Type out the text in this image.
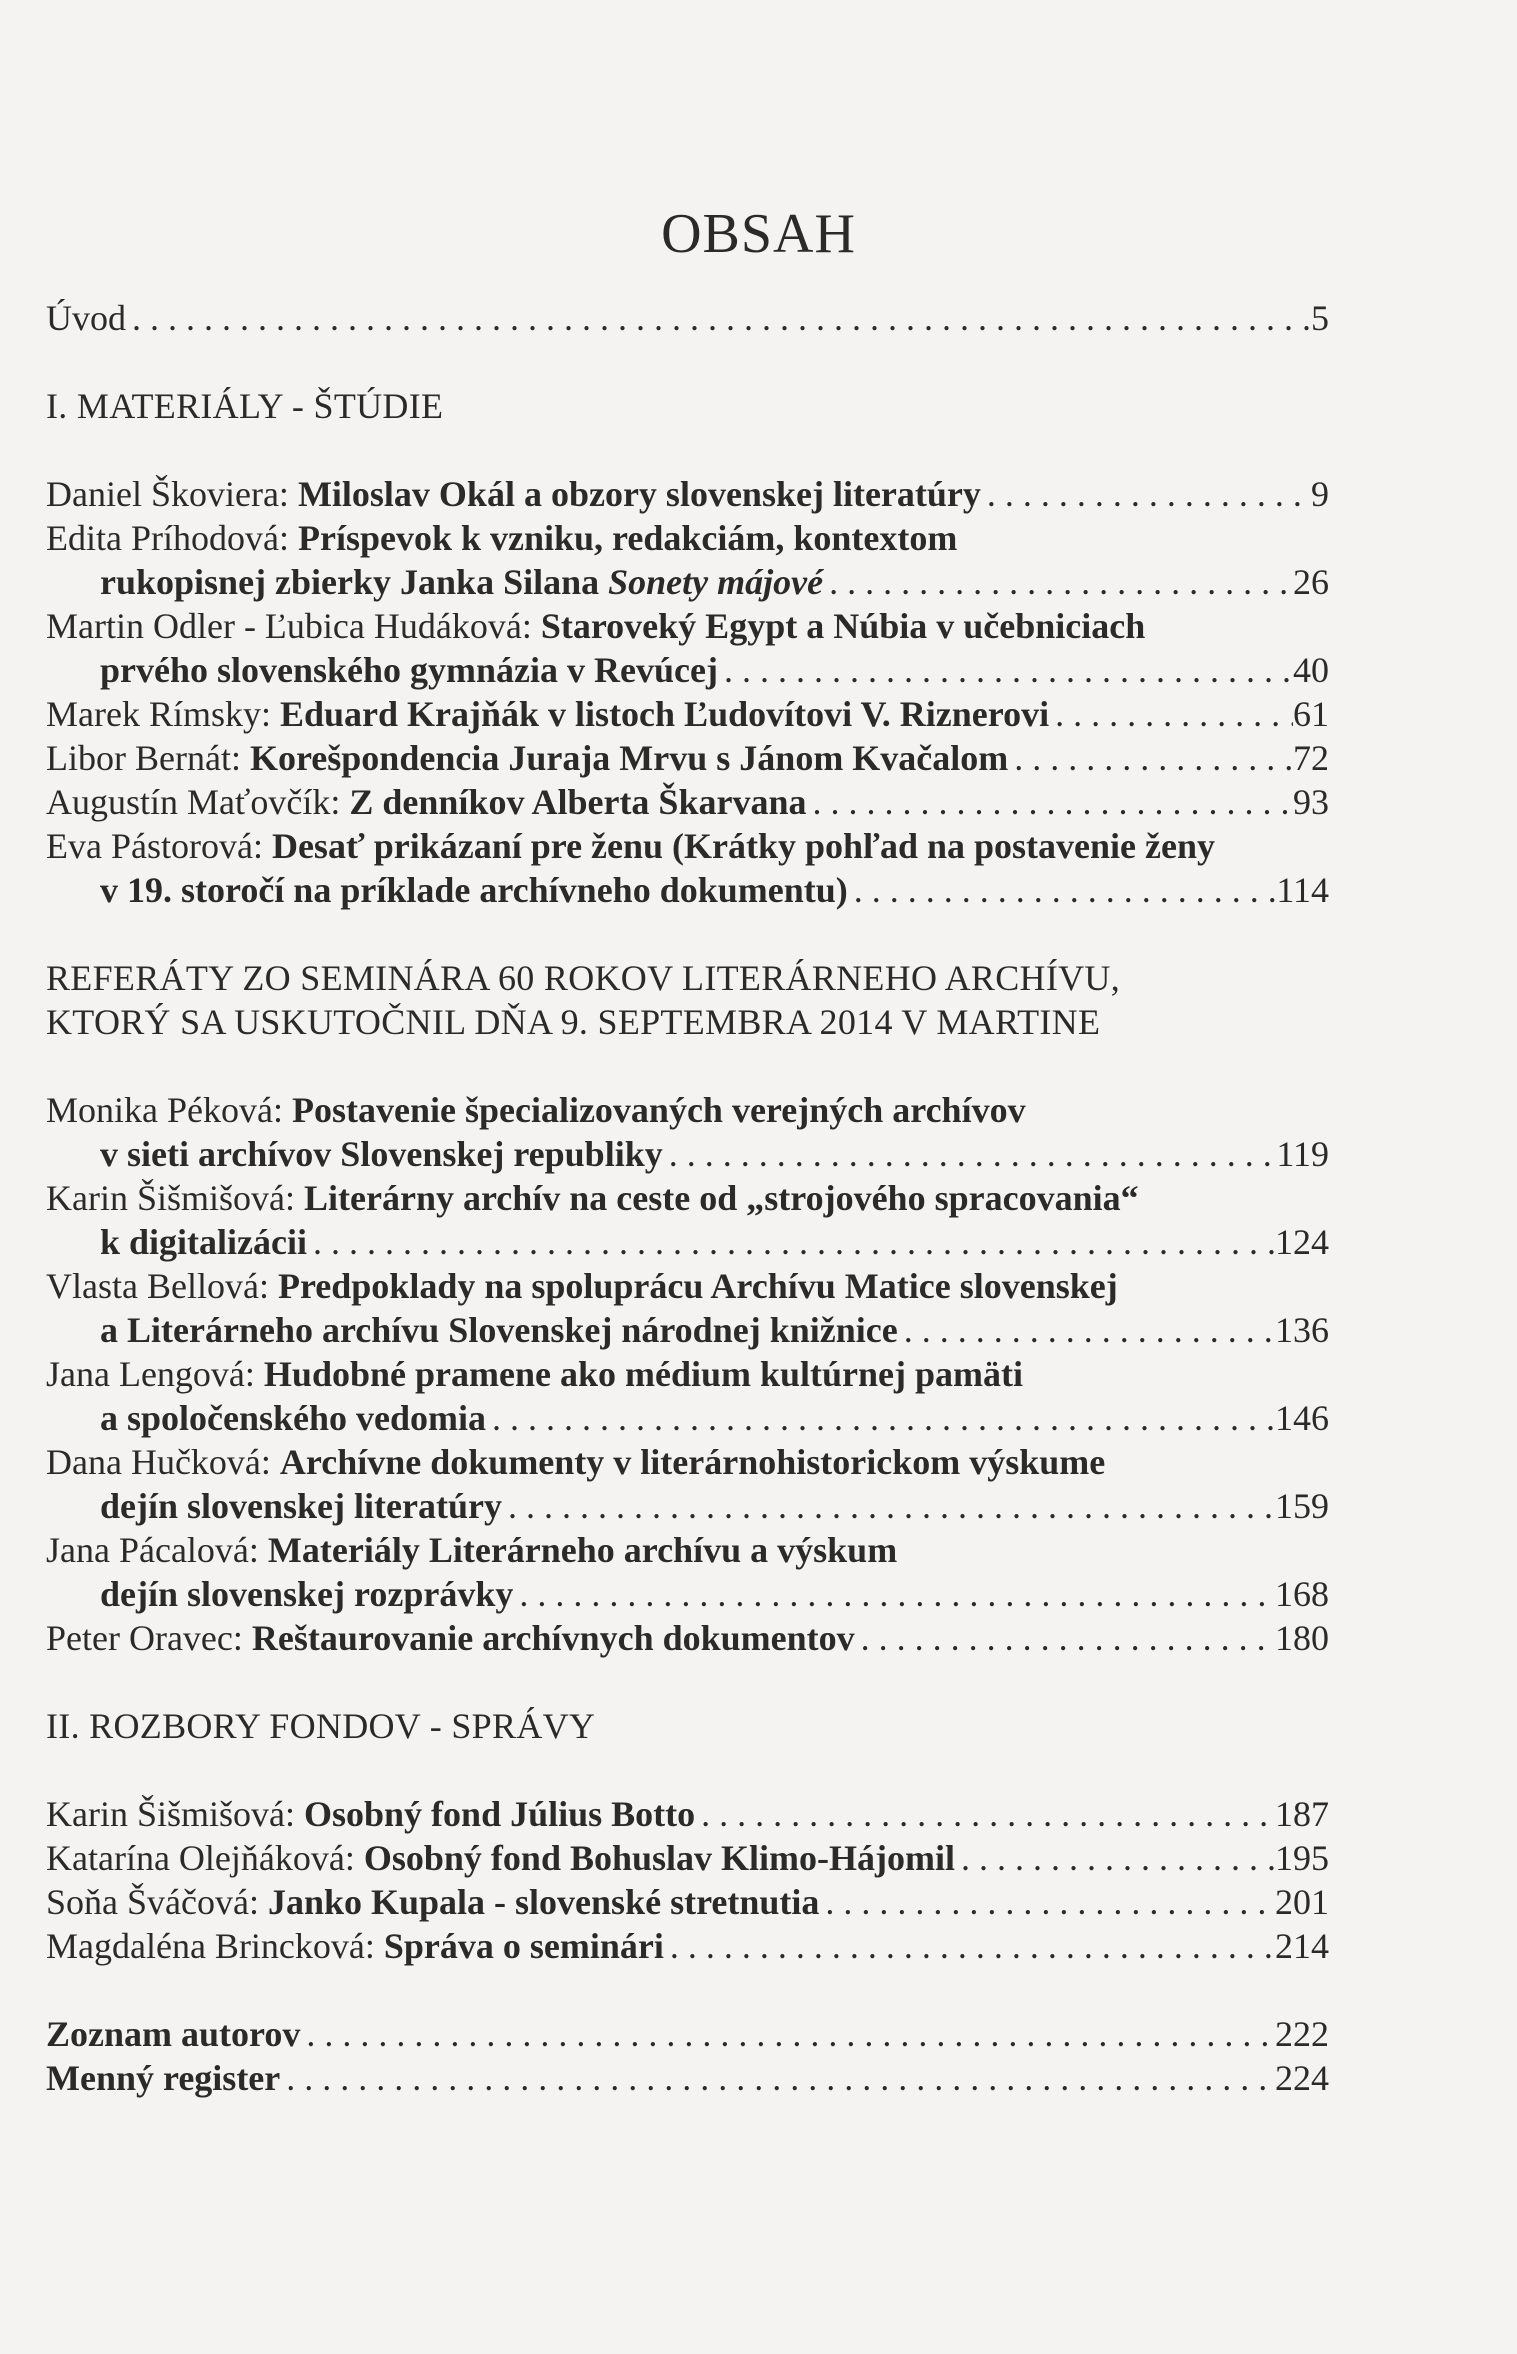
OBSAH
Úvod . . .	5
I. MATERIÁLY - ŠTÚDIE
Daniel Škoviera: Miloslav Okál a obzory slovenskej literatúry . . .	9
Edita Príhodová: Príspevok k vzniku, redakciám, kontextom
rukopisnej zbierky Janka Silana Sonety májové . . .	26
Martin Odler - Ľubica Hudáková: Staroveký Egypt a Núbia v učebniciach
prvého slovenského gymnázia v Revúcej . . .	40
Marek Rímsky: Eduard Krajňák v listoch Ľudovítovi V. Riznerovi . . .	61
Libor Bernát: Korešpondencia Juraja Mrvu s Jánom Kvačalom . . .	72
Augustín Maťovčík: Z denníkov Alberta Škarvana . . .	93
Eva Pástorová: Desať prikázaní pre ženu (Krátky pohľad na postavenie ženy
v 19. storočí na príklade archívneho dokumentu) . . .	114
REFERÁTY ZO SEMINÁRA 60 ROKOV LITERÁRNEHO ARCHÍVU,
KTORÝ SA USKUTOČNIL DŇA 9. SEPTEMBRA 2014 V MARTINE
Monika Péková: Postavenie špecializovaných verejných archívov
v sieti archívov Slovenskej republiky . . .	119
Karin Šišmišová: Literárny archív na ceste od „strojového spracovania“
k digitalizácii . . .	124
Vlasta Bellová: Predpoklady na spoluprácu Archívu Matice slovenskej
a Literárneho archívu Slovenskej národnej knižnice . . .	136
Jana Lengová: Hudobné pramene ako médium kultúrnej pamäti
a spoločenského vedomia . . .	146
Dana Hučková: Archívne dokumenty v literárnohistorickom výskume
dejín slovenskej literatúry . . .	159
Jana Pácalová: Materiály Literárneho archívu a výskum
dejín slovenskej rozprávky . . .	168
Peter Oravec: Reštaurovanie archívnych dokumentov . . .	180
II. ROZBORY FONDOV - SPRÁVY
Karin Šišmišová: Osobný fond Július Botto . . .	187
Katarína Olejňáková: Osobný fond Bohuslav Klimo-Hájomil . . .	195
Soňa Šváčová: Janko Kupala - slovenské stretnutia . . .	201
Magdaléna Brincková: Správa o seminári . . .	214
Zoznam autorov . . .	222
Menný register . . .	224
